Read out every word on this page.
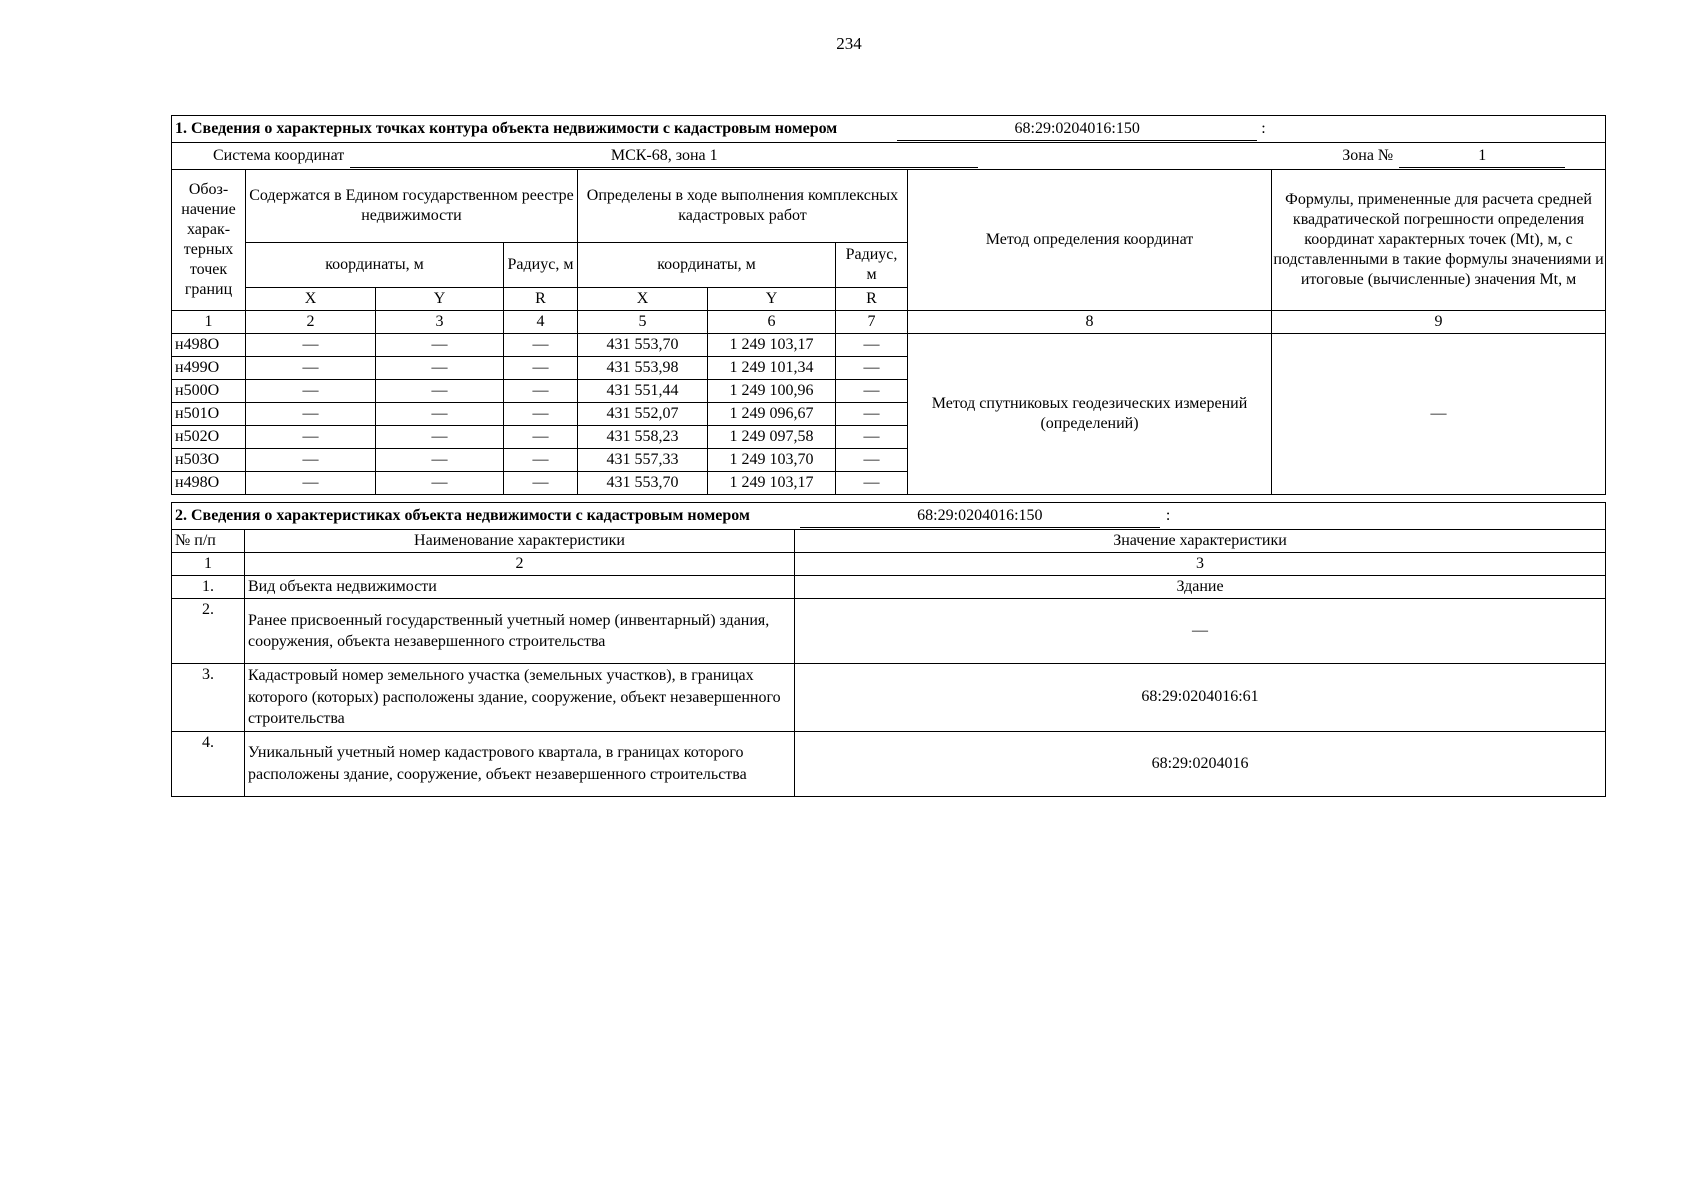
234
1. Сведения о характерных точках контура объекта недвижимости с кадастровым номером 68:29:0204016:150 :								
Система координат МСК-68, зона 1 Зона № 1								
Обоз-начение харак-терных точек границ	Содержатся в Едином государственном реестре недвижимости			Определены в ходе выполнения комплексных кадастровых работ			Метод определения координат	Формулы, примененные для расчета средней квадратической погрешности определения координат характерных точек (Mt), м, с подставленными в такие формулы значениями и итоговые (вычисленные) значения Mt, м
	координаты, м		Радиус, м	координаты, м		Радиус, м		
	X	Y	R	X	Y	R		
1	2	3	4	5	6	7	8	9
н498О	—	—	—	431 553,70	1 249 103,17	—	Метод спутниковых геодезических измерений (определений)	—
н499О	—	—	—	431 553,98	1 249 101,34	—		
н500О	—	—	—	431 551,44	1 249 100,96	—		
н501О	—	—	—	431 552,07	1 249 096,67	—		
н502О	—	—	—	431 558,23	1 249 097,58	—		
н503О	—	—	—	431 557,33	1 249 103,70	—		
н498О	—	—	—	431 553,70	1 249 103,17	—		
2. Сведения о характеристиках объекта недвижимости с кадастровым номером 68:29:0204016:150 :		
№ п/п	Наименование характеристики	Значение характеристики
1	2	3
1.	Вид объекта недвижимости	Здание
2.	Ранее присвоенный государственный учетный номер (инвентарный) здания, сооружения, объекта незавершенного строительства	—
3.	Кадастровый номер земельного участка (земельных участков), в границах которого (которых) расположены здание, сооружение, объект незавершенного строительства	68:29:0204016:61
4.	Уникальный учетный номер кадастрового квартала, в границах которого расположены здание, сооружение, объект незавершенного строительства	68:29:0204016
